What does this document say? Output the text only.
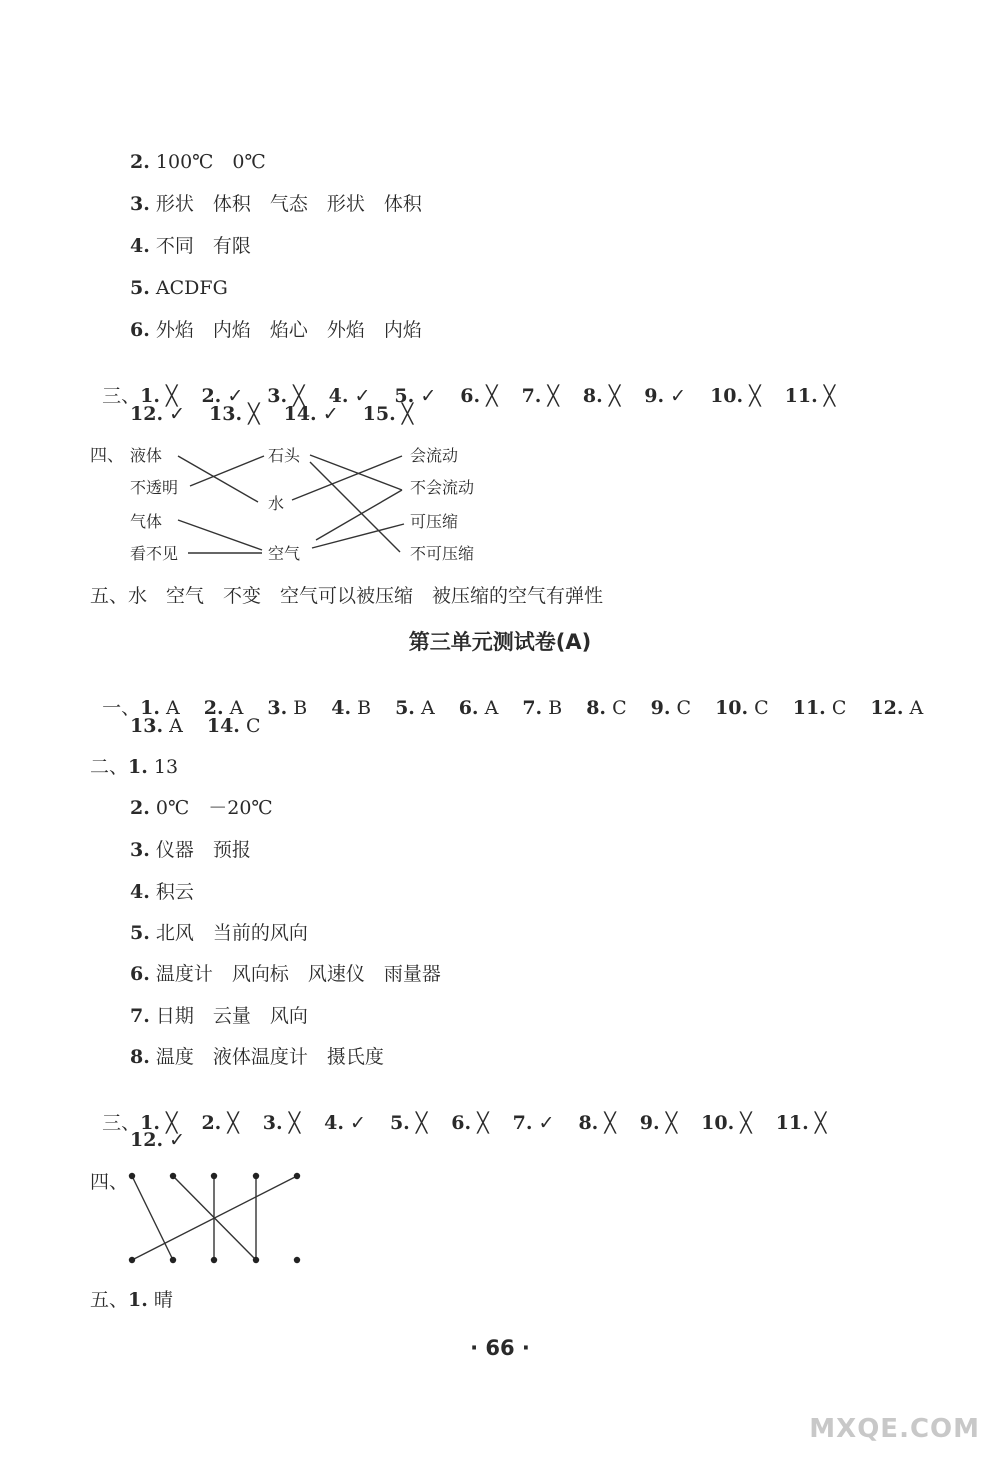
2. 100℃　0℃
3. 形状　体积　气态　形状　体积
4. 不同　有限
5. ACDFG
6. 外焰　内焰　焰心　外焰　内焰

三、1. ╳ 2. ✓ 3. ╳ 4. ✓ 5. ✓ 6. ╳ 7. ╳ 8. ╳ 9. ✓ 10. ╳ 11. ╳

12. ✓ 13. ╳ 14. ✓ 15. ╳
四、 液体
不透明
气体
看不见
石头
水
空气
会流动
不会流动
可压缩
不可压缩
五、水　空气　不变　空气可以被压缩　被压缩的空气有弹性
第三单元测试卷(A)

一、1. A 2. A 3. B 4. B 5. A 6. A 7. B 8. C 9. C 10. C 11. C 12. A

13. A 14. C
二、1. 13
2. 0℃　－20℃
3. 仪器　预报
4. 积云
5. 北风　当前的风向
6. 温度计　风向标　风速仪　雨量器
7. 日期　云量　风向
8. 温度　液体温度计　摄氏度

三、1. ╳ 2. ╳ 3. ╳ 4. ✓ 5. ╳ 6. ╳ 7. ✓ 8. ╳ 9. ╳ 10. ╳ 11. ╳

12. ✓
四、
五、1. 晴
· 66 ·
MXQE.COM
